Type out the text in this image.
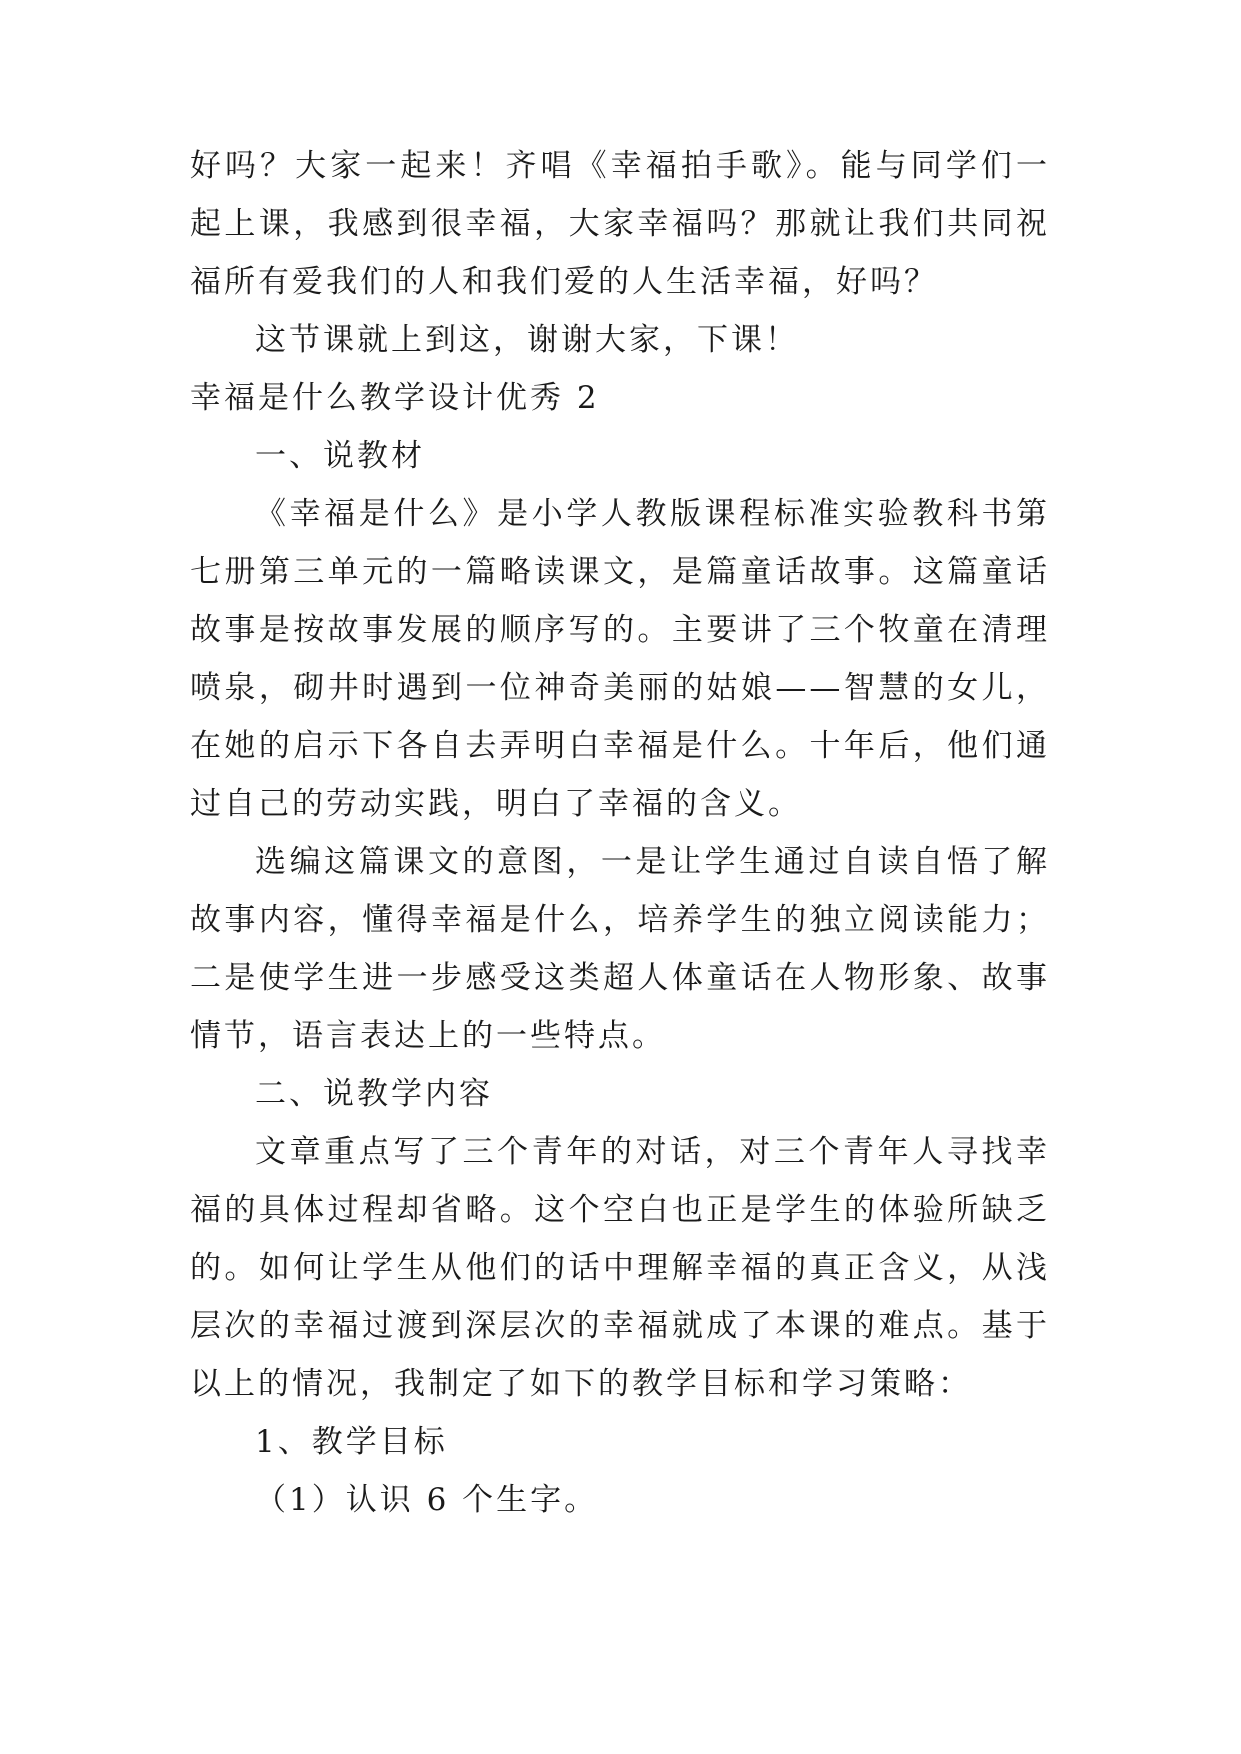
好吗？大家一起来！齐唱《幸福拍手歌》。能与同学们一起上课，我感到很幸福，大家幸福吗？那就让我们共同祝福所有爱我们的人和我们爱的人生活幸福，好吗？

这节课就上到这，谢谢大家，下课！

幸福是什么教学设计优秀 2

一、说教材

《幸福是什么》是小学人教版课程标准实验教科书第七册第三单元的一篇略读课文，是篇童话故事。这篇童话故事是按故事发展的顺序写的。主要讲了三个牧童在清理喷泉，砌井时遇到一位神奇美丽的姑娘——智慧的女儿，在她的启示下各自去弄明白幸福是什么。十年后，他们通过自己的劳动实践，明白了幸福的含义。

选编这篇课文的意图，一是让学生通过自读自悟了解故事内容，懂得幸福是什么，培养学生的独立阅读能力；二是使学生进一步感受这类超人体童话在人物形象、故事情节，语言表达上的一些特点。

二、说教学内容

文章重点写了三个青年的对话，对三个青年人寻找幸福的具体过程却省略。这个空白也正是学生的体验所缺乏的。如何让学生从他们的话中理解幸福的真正含义，从浅层次的幸福过渡到深层次的幸福就成了本课的难点。基于以上的情况，我制定了如下的教学目标和学习策略：

1、教学目标

（1）认识 6 个生字。
